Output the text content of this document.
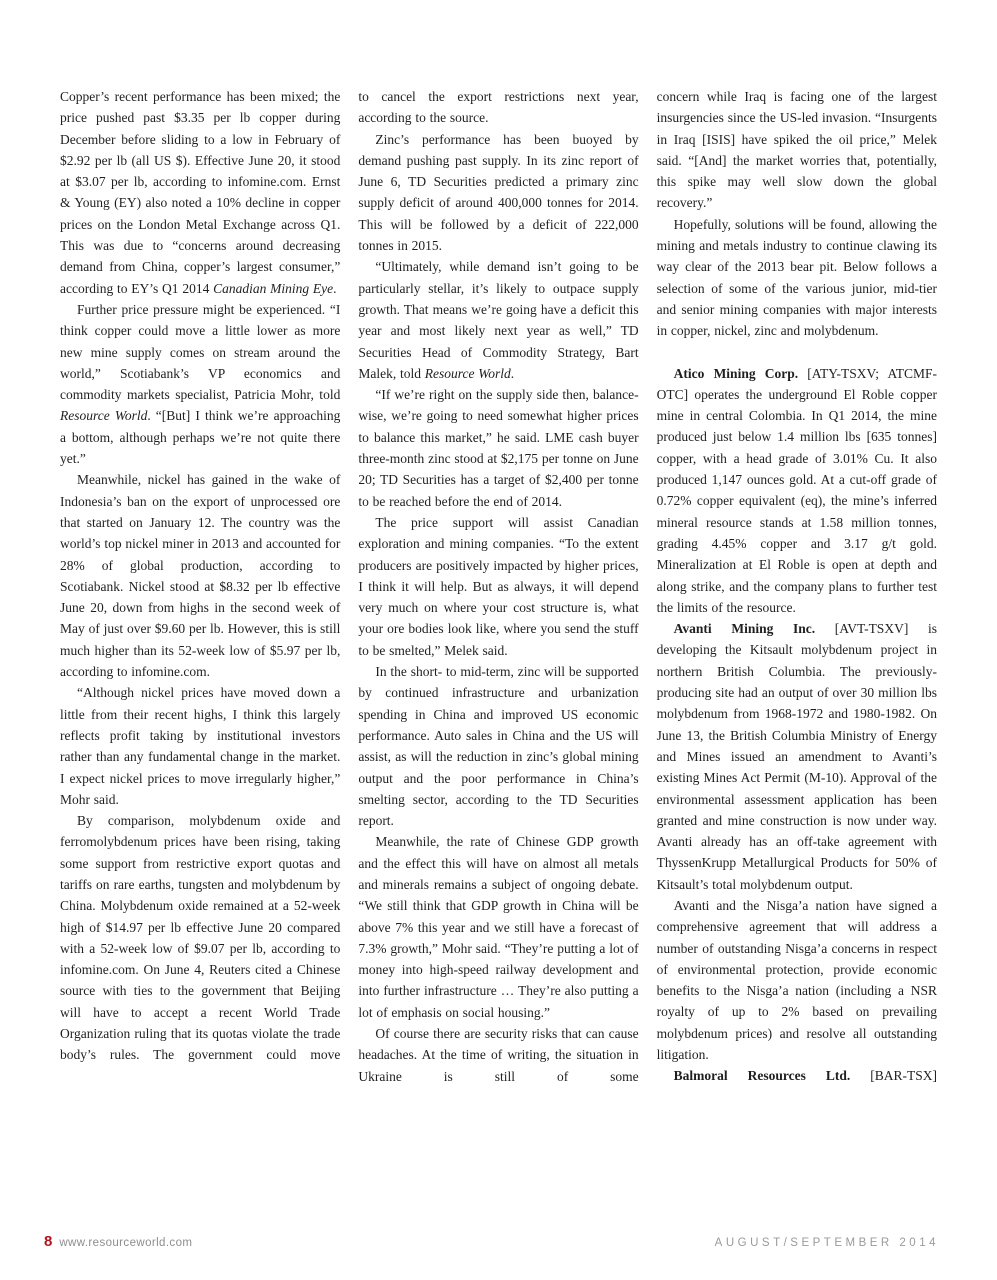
Copper’s recent performance has been mixed; the price pushed past $3.35 per lb copper during December before sliding to a low in February of $2.92 per lb (all US $). Effective June 20, it stood at $3.07 per lb, according to infomine.com. Ernst & Young (EY) also noted a 10% decline in copper prices on the London Metal Exchange across Q1. This was due to “concerns around decreasing demand from China, copper’s largest consumer,” according to EY’s Q1 2014 Canadian Mining Eye.

Further price pressure might be experienced. “I think copper could move a little lower as more new mine supply comes on stream around the world,” Scotiabank’s VP economics and commodity markets specialist, Patricia Mohr, told Resource World. “[But] I think we’re approaching a bottom, although perhaps we’re not quite there yet.”

Meanwhile, nickel has gained in the wake of Indonesia’s ban on the export of unprocessed ore that started on January 12. The country was the world’s top nickel miner in 2013 and accounted for 28% of global production, according to Scotiabank. Nickel stood at $8.32 per lb effective June 20, down from highs in the second week of May of just over $9.60 per lb. However, this is still much higher than its 52-week low of $5.97 per lb, according to infomine.com.

“Although nickel prices have moved down a little from their recent highs, I think this largely reflects profit taking by institutional investors rather than any fundamental change in the market. I expect nickel prices to move irregularly higher,” Mohr said.

By comparison, molybdenum oxide and ferromolybdenum prices have been rising, taking some support from restrictive export quotas and tariffs on rare earths, tungsten and molybdenum by China. Molybdenum oxide remained at a 52-week high of $14.97 per lb effective June 20 compared with a 52-week low of $9.07 per lb, according to infomine.com. On June 4, Reuters cited a Chinese source with ties to the government that Beijing will have to accept a recent World Trade Organization ruling that its quotas violate the trade body’s rules. The government could move

to cancel the export restrictions next year, according to the source.

Zinc’s performance has been buoyed by demand pushing past supply. In its zinc report of June 6, TD Securities predicted a primary zinc supply deficit of around 400,000 tonnes for 2014. This will be followed by a deficit of 222,000 tonnes in 2015.

“Ultimately, while demand isn’t going to be particularly stellar, it’s likely to outpace supply growth. That means we’re going have a deficit this year and most likely next year as well,” TD Securities Head of Commodity Strategy, Bart Malek, told Resource World.

“If we’re right on the supply side then, balance-wise, we’re going to need somewhat higher prices to balance this market,” he said. LME cash buyer three-month zinc stood at $2,175 per tonne on June 20; TD Securities has a target of $2,400 per tonne to be reached before the end of 2014.

The price support will assist Canadian exploration and mining companies. “To the extent producers are positively impacted by higher prices, I think it will help. But as always, it will depend very much on where your cost structure is, what your ore bodies look like, where you send the stuff to be smelted,” Melek said.

In the short- to mid-term, zinc will be supported by continued infrastructure and urbanization spending in China and improved US economic performance. Auto sales in China and the US will assist, as will the reduction in zinc’s global mining output and the poor performance in China’s smelting sector, according to the TD Securities report.

Meanwhile, the rate of Chinese GDP growth and the effect this will have on almost all metals and minerals remains a subject of ongoing debate. “We still think that GDP growth in China will be above 7% this year and we still have a forecast of 7.3% growth,” Mohr said. “They’re putting a lot of money into high-speed railway development and into further infrastructure … They’re also putting a lot of emphasis on social housing.”

Of course there are security risks that can cause headaches. At the time of writing, the situation in Ukraine is still of some

concern while Iraq is facing one of the largest insurgencies since the US-led invasion. “Insurgents in Iraq [ISIS] have spiked the oil price,” Melek said. “[And] the market worries that, potentially, this spike may well slow down the global recovery.”

Hopefully, solutions will be found, allowing the mining and metals industry to continue clawing its way clear of the 2013 bear pit. Below follows a selection of some of the various junior, mid-tier and senior mining companies with major interests in copper, nickel, zinc and molybdenum.

Atico Mining Corp. [ATY-TSXV; ATCMF-OTC] operates the underground El Roble copper mine in central Colombia. In Q1 2014, the mine produced just below 1.4 million lbs [635 tonnes] copper, with a head grade of 3.01% Cu. It also produced 1,147 ounces gold. At a cut-off grade of 0.72% copper equivalent (eq), the mine’s inferred mineral resource stands at 1.58 million tonnes, grading 4.45% copper and 3.17 g/t gold. Mineralization at El Roble is open at depth and along strike, and the company plans to further test the limits of the resource.

Avanti Mining Inc. [AVT-TSXV] is developing the Kitsault molybdenum project in northern British Columbia. The previously-producing site had an output of over 30 million lbs molybdenum from 1968-1972 and 1980-1982. On June 13, the British Columbia Ministry of Energy and Mines issued an amendment to Avanti’s existing Mines Act Permit (M-10). Approval of the environmental assessment application has been granted and mine construction is now under way. Avanti already has an off-take agreement with ThyssenKrupp Metallurgical Products for 50% of Kitsault’s total molybdenum output.

Avanti and the Nisga’a nation have signed a comprehensive agreement that will address a number of outstanding Nisga’a concerns in respect of environmental protection, provide economic benefits to the Nisga’a nation (including a NSR royalty of up to 2% based on prevailing molybdenum prices) and resolve all outstanding litigation.

Balmoral Resources Ltd. [BAR-TSX]

8 www.resourceworld.com	AUGUST/SEPTEMBER 2014
